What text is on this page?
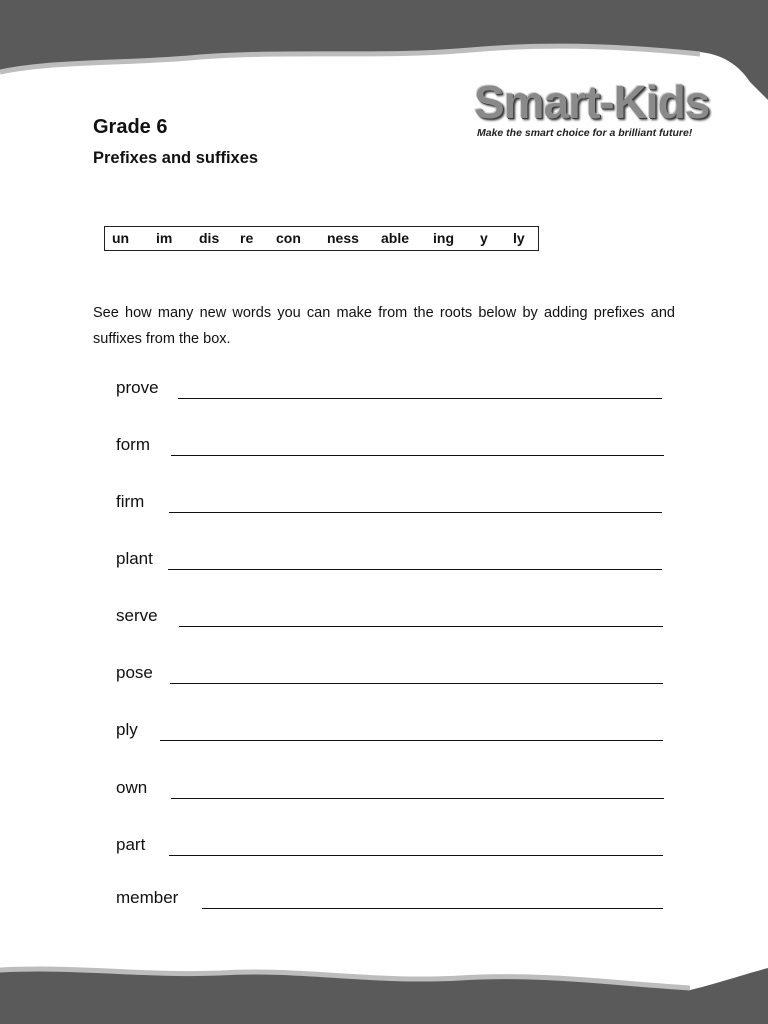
Smart-Kids
Make the smart choice for a brilliant future!
Grade 6
Prefixes and suffixes
un im dis re con ness able ing y ly

See how many new words you can make from the roots below by adding prefixes and suffixes from the box.

prove
form
firm
plant
serve
pose
ply
own
part
member
